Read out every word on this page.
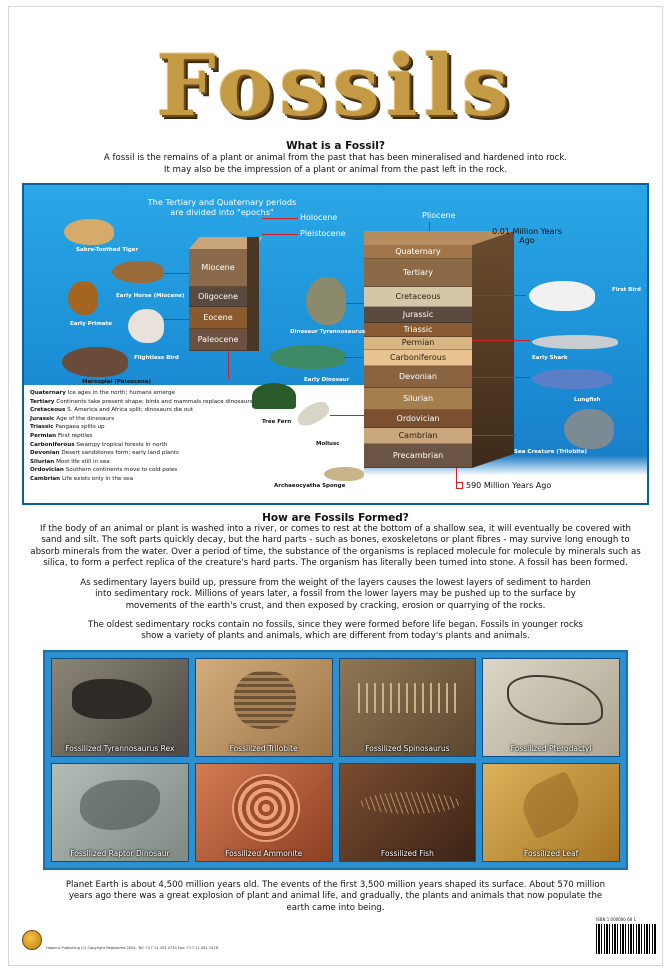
Fossils
What is a Fossil?
A fossil is the remains of a plant or animal from the past that has been mineralised and hardened into rock.
It may also be the impression of a plant or animal from the past left in the rock.
The Tertiary and Quaternary periods are divided into "epochs"
Miocene
Oligocene
Eocene
Paleocene
Holocene
Pleistocene
Pliocene
Quaternary
Tertiary
Cretaceous
Jurassic
Triassic
Permian
Carboniferous
Devonian
Silurian
Ordovician
Cambrian
Precambrian
0.01 Million Years Ago
590 Million Years Ago
Sabre-Toothed Tiger
Early Horse (Miocene)
Early Primate
Flightless Bird
Marsupial (Paleocene)
Dinosaur Tyrannosaurus
Early Dinosaur
Tree Fern
Mollusc
Archaeocyatha Sponge
First Bird
Early Shark
Lungfish
Sea Creature (Trilobite)
Quaternary Ice ages in the north; humans emerge
Tertiary Continents take present shape; birds and mammals replace dinosaurs
Cretaceous S. America and Africa split; dinosaurs die out
Jurassic Age of the dinosaurs
Triassic Pangaea splits up
Permian First reptiles
Carboniferous Swampy tropical forests in north
Devonian Desert sandstones form; early land plants
Silurian Most life still in sea
Ordovician Southern continents move to cold poles
Cambrian Life exists only in the sea
How are Fossils Formed?
If the body of an animal or plant is washed into a river, or comes to rest at the bottom of a shallow sea, it will eventually be covered with sand and silt. The soft parts quickly decay, but the hard parts - such as bones, exoskeletons or plant fibres - may survive long enough to absorb minerals from the water. Over a period of time, the substance of the organisms is replaced molecule for molecule by minerals such as silica, to form a perfect replica of the creature's hard parts. The organism has literally been turned into stone. A fossil has been formed.
As sedimentary layers build up, pressure from the weight of the layers causes the lowest layers of sediment to harden into sedimentary rock. Millions of years later, a fossil from the lower layers may be pushed up to the surface by movements of the earth's crust, and then exposed by cracking, erosion or quarrying of the rocks.
The oldest sedimentary rocks contain no fossils, since they were formed before life began. Fossils in younger rocks show a variety of plants and animals, which are different from today's plants and animals.
Fossilized Tyrannosaurus Rex	Fossilized Trilobite	Fossilized Spinosaurus	Fossilized Pterodactyl
Fossilized Raptor Dinosaur	Fossilized Ammonite	Fossilized Fish	Fossilized Leaf
Planet Earth is about 4,500 million years old. The events of the first 3,500 million years shaped its surface. About 570 million years ago there was a great explosion of plant and animal life, and gradually, the plants and animals that now populate the earth came into being.
Hopkins Publishing (C) Copyright Registered 2004. Tel: +27 11 453 0734 Fax: +27 11 452 1478
ISBN 1 000000 68 1
